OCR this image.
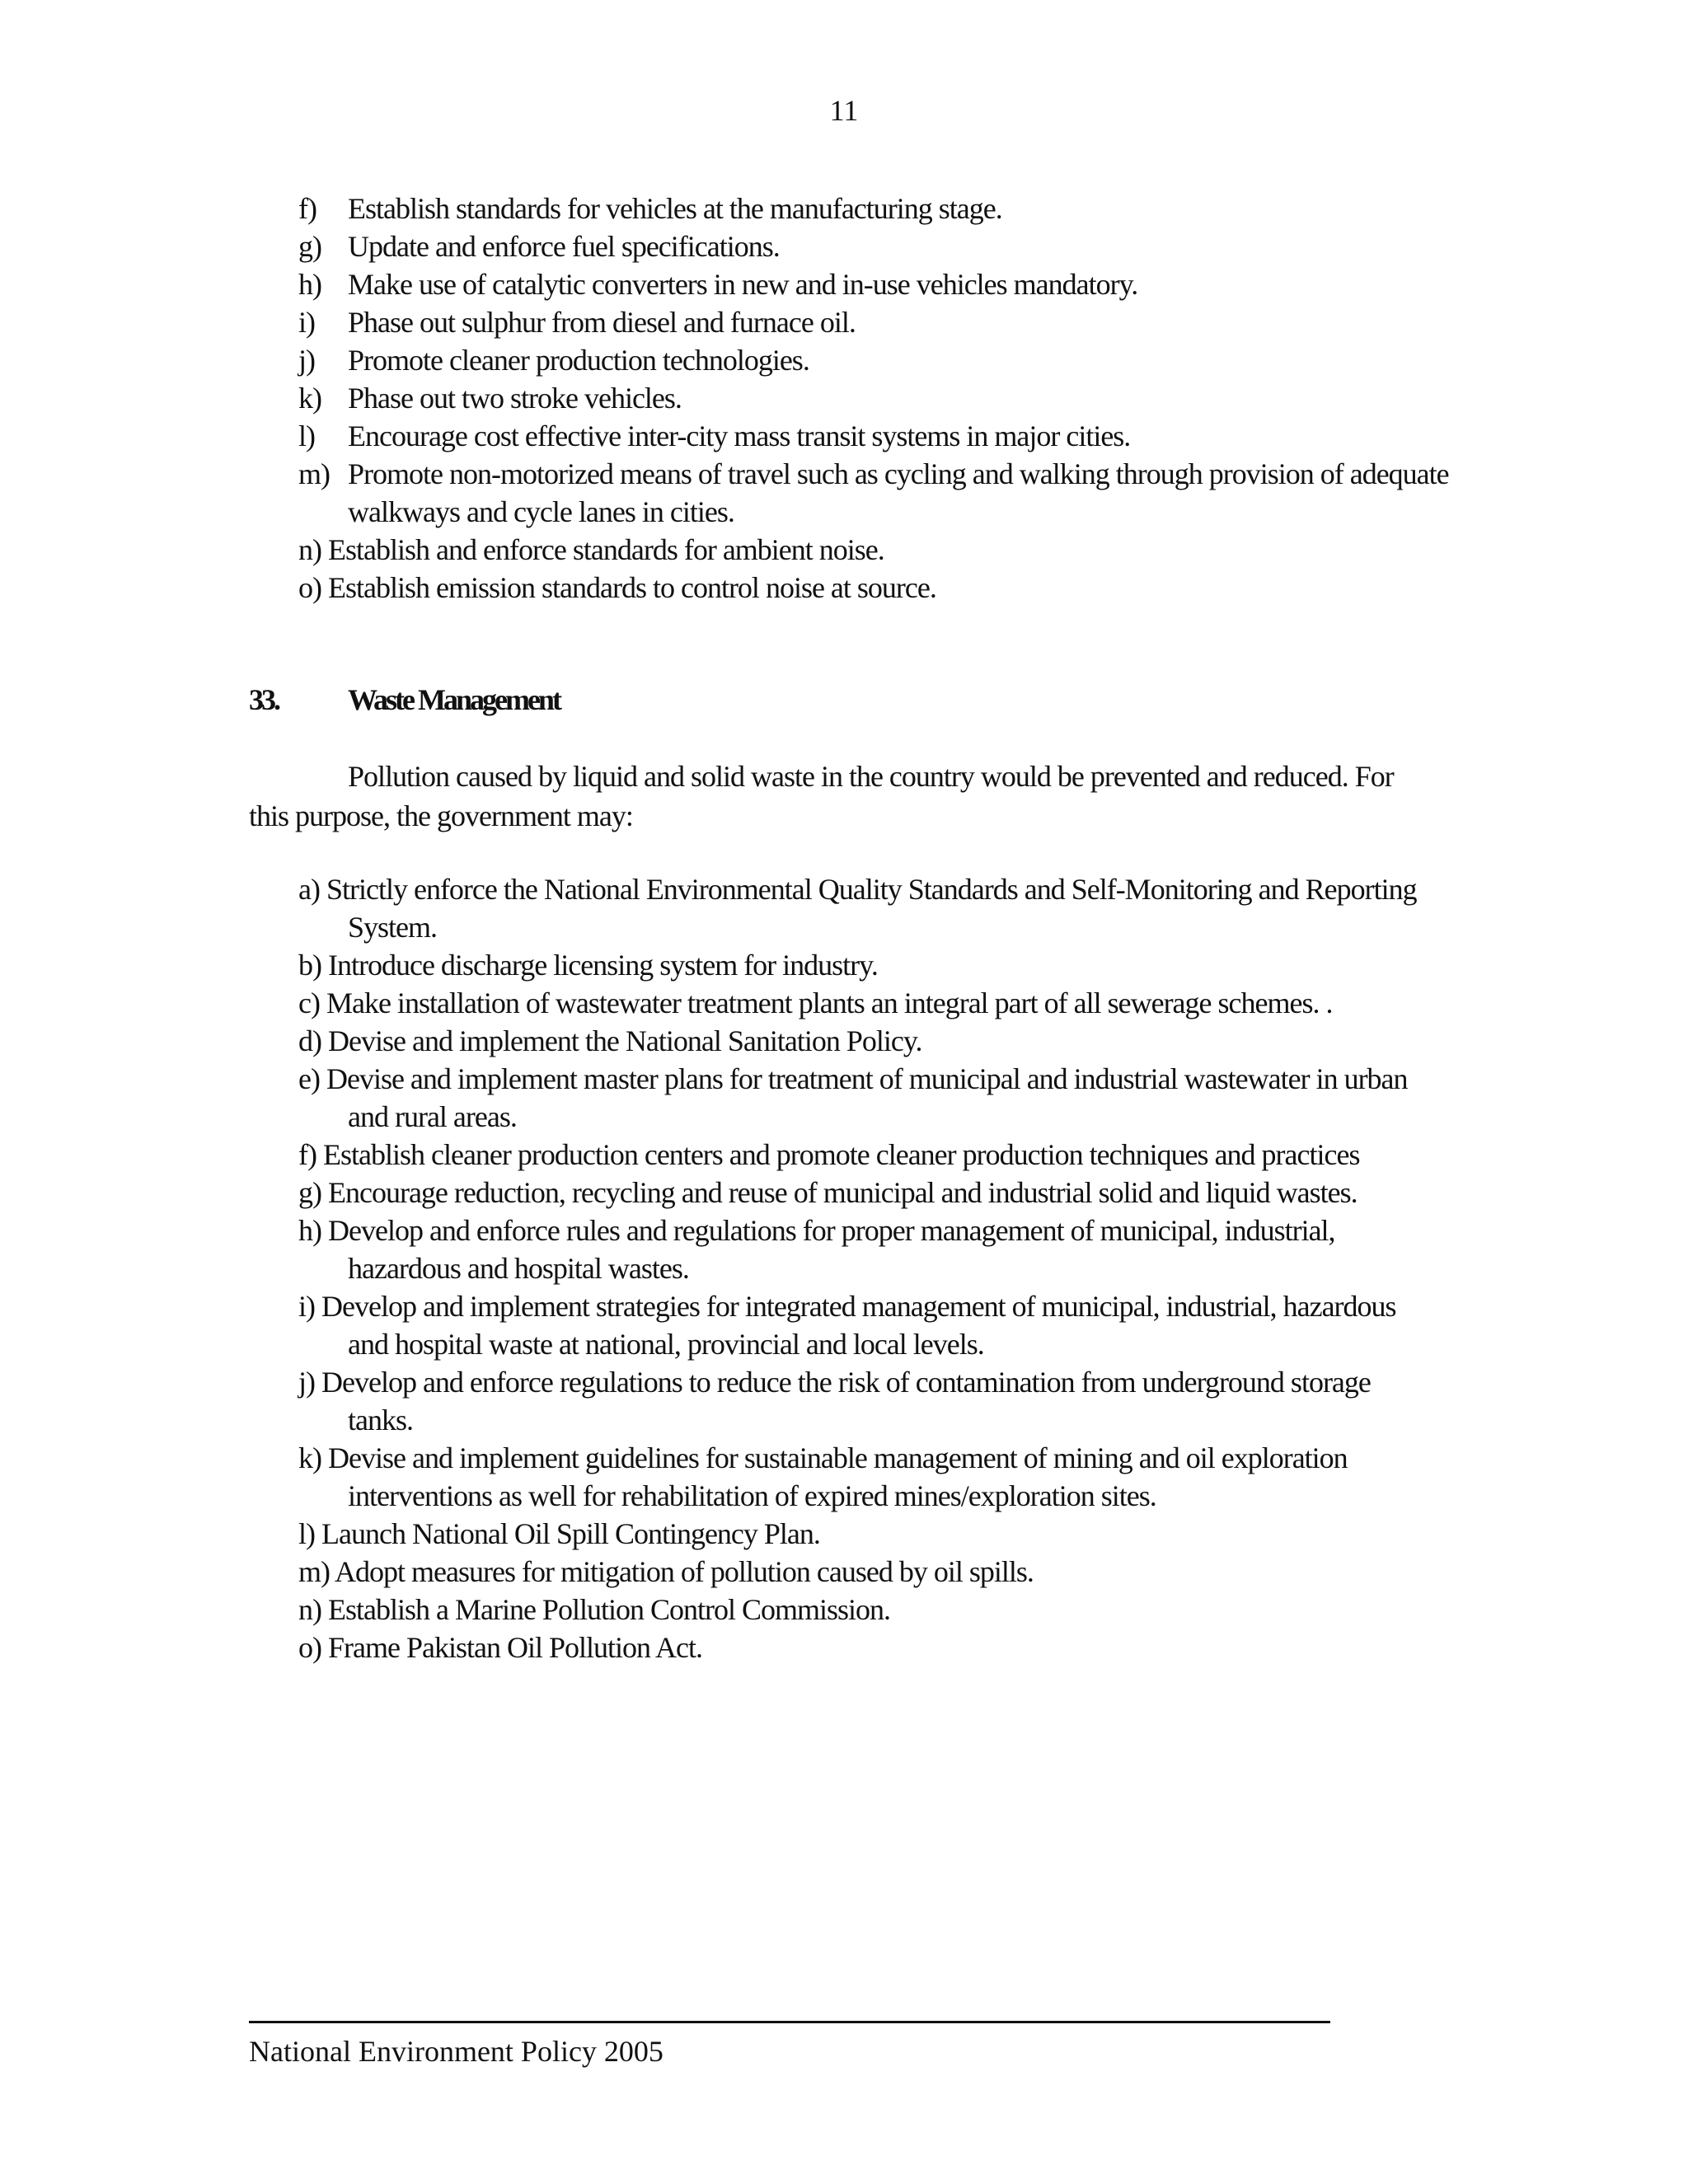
11
f) Establish standards for vehicles at the manufacturing stage.
g) Update and enforce fuel specifications.
h) Make use of catalytic converters in new and in-use vehicles mandatory.
i) Phase out sulphur from diesel and furnace oil.
j) Promote cleaner production technologies.
k) Phase out two stroke vehicles.
l) Encourage cost effective inter-city mass transit systems in major cities.
m) Promote non-motorized means of travel such as cycling and walking through provision of adequate walkways and cycle lanes in cities.
n) Establish and enforce standards for ambient noise.
o) Establish emission standards to control noise at source.
33. Waste Management

Pollution caused by liquid and solid waste in the country would be prevented and reduced. For this purpose, the government may:

a) Strictly enforce the National Environmental Quality Standards and Self-Monitoring and Reporting System.
b) Introduce discharge licensing system for industry.
c) Make installation of wastewater treatment plants an integral part of all sewerage schemes. .
d) Devise and implement the National Sanitation Policy.
e) Devise and implement master plans for treatment of municipal and industrial wastewater in urban and rural areas.
f) Establish cleaner production centers and promote cleaner production techniques and practices
g) Encourage reduction, recycling and reuse of municipal and industrial solid and liquid wastes.
h) Develop and enforce rules and regulations for proper management of municipal, industrial, hazardous and hospital wastes.
i) Develop and implement strategies for integrated management of municipal, industrial, hazardous and hospital waste at national, provincial and local levels.
j) Develop and enforce regulations to reduce the risk of contamination from underground storage tanks.
k) Devise and implement guidelines for sustainable management of mining and oil exploration interventions as well for rehabilitation of expired mines/exploration sites.
l) Launch National Oil Spill Contingency Plan.
m) Adopt measures for mitigation of pollution caused by oil spills.
n) Establish a Marine Pollution Control Commission.
o) Frame Pakistan Oil Pollution Act.
National Environment Policy 2005
